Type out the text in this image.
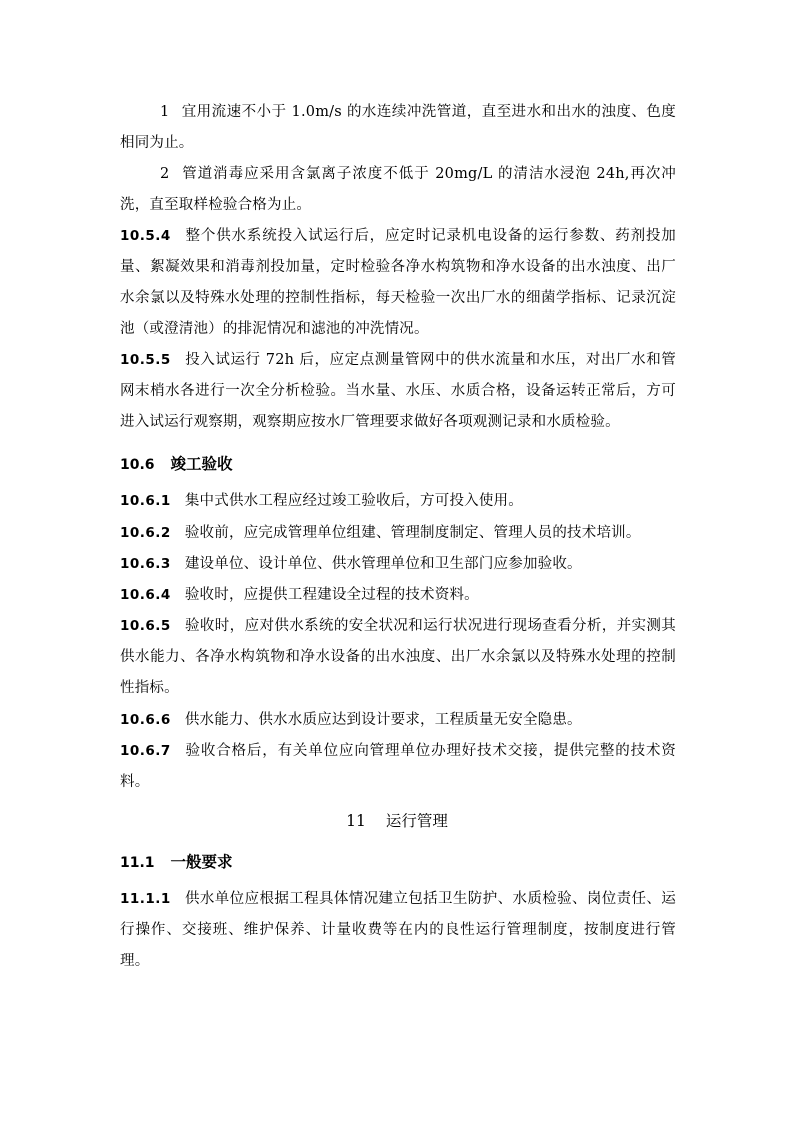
1 宜用流速不小于 1.0m/s 的水连续冲洗管道，直至进水和出水的浊度、色度相同为止。

2 管道消毒应采用含氯离子浓度不低于 20mg/L 的清洁水浸泡 24h,再次冲洗，直至取样检验合格为止。

10.5.4 整个供水系统投入试运行后，应定时记录机电设备的运行参数、药剂投加量、絮凝效果和消毒剂投加量，定时检验各净水构筑物和净水设备的出水浊度、出厂水余氯以及特殊水处理的控制性指标，每天检验一次出厂水的细菌学指标、记录沉淀池（或澄清池）的排泥情况和滤池的冲洗情况。

10.5.5 投入试运行 72h 后，应定点测量管网中的供水流量和水压，对出厂水和管网末梢水各进行一次全分析检验。当水量、水压、水质合格，设备运转正常后，方可进入试运行观察期，观察期应按水厂管理要求做好各项观测记录和水质检验。

10.6 竣工验收

10.6.1 集中式供水工程应经过竣工验收后，方可投入使用。

10.6.2 验收前，应完成管理单位组建、管理制度制定、管理人员的技术培训。

10.6.3 建设单位、设计单位、供水管理单位和卫生部门应参加验收。

10.6.4 验收时，应提供工程建设全过程的技术资料。

10.6.5 验收时，应对供水系统的安全状况和运行状况进行现场查看分析，并实测其供水能力、各净水构筑物和净水设备的出水浊度、出厂水余氯以及特殊水处理的控制性指标。

10.6.6 供水能力、供水水质应达到设计要求，工程质量无安全隐患。

10.6.7 验收合格后，有关单位应向管理单位办理好技术交接，提供完整的技术资料。

11 运行管理

11.1 一般要求

11.1.1 供水单位应根据工程具体情况建立包括卫生防护、水质检验、岗位责任、运行操作、交接班、维护保养、计量收费等在内的良性运行管理制度，按制度进行管理。
